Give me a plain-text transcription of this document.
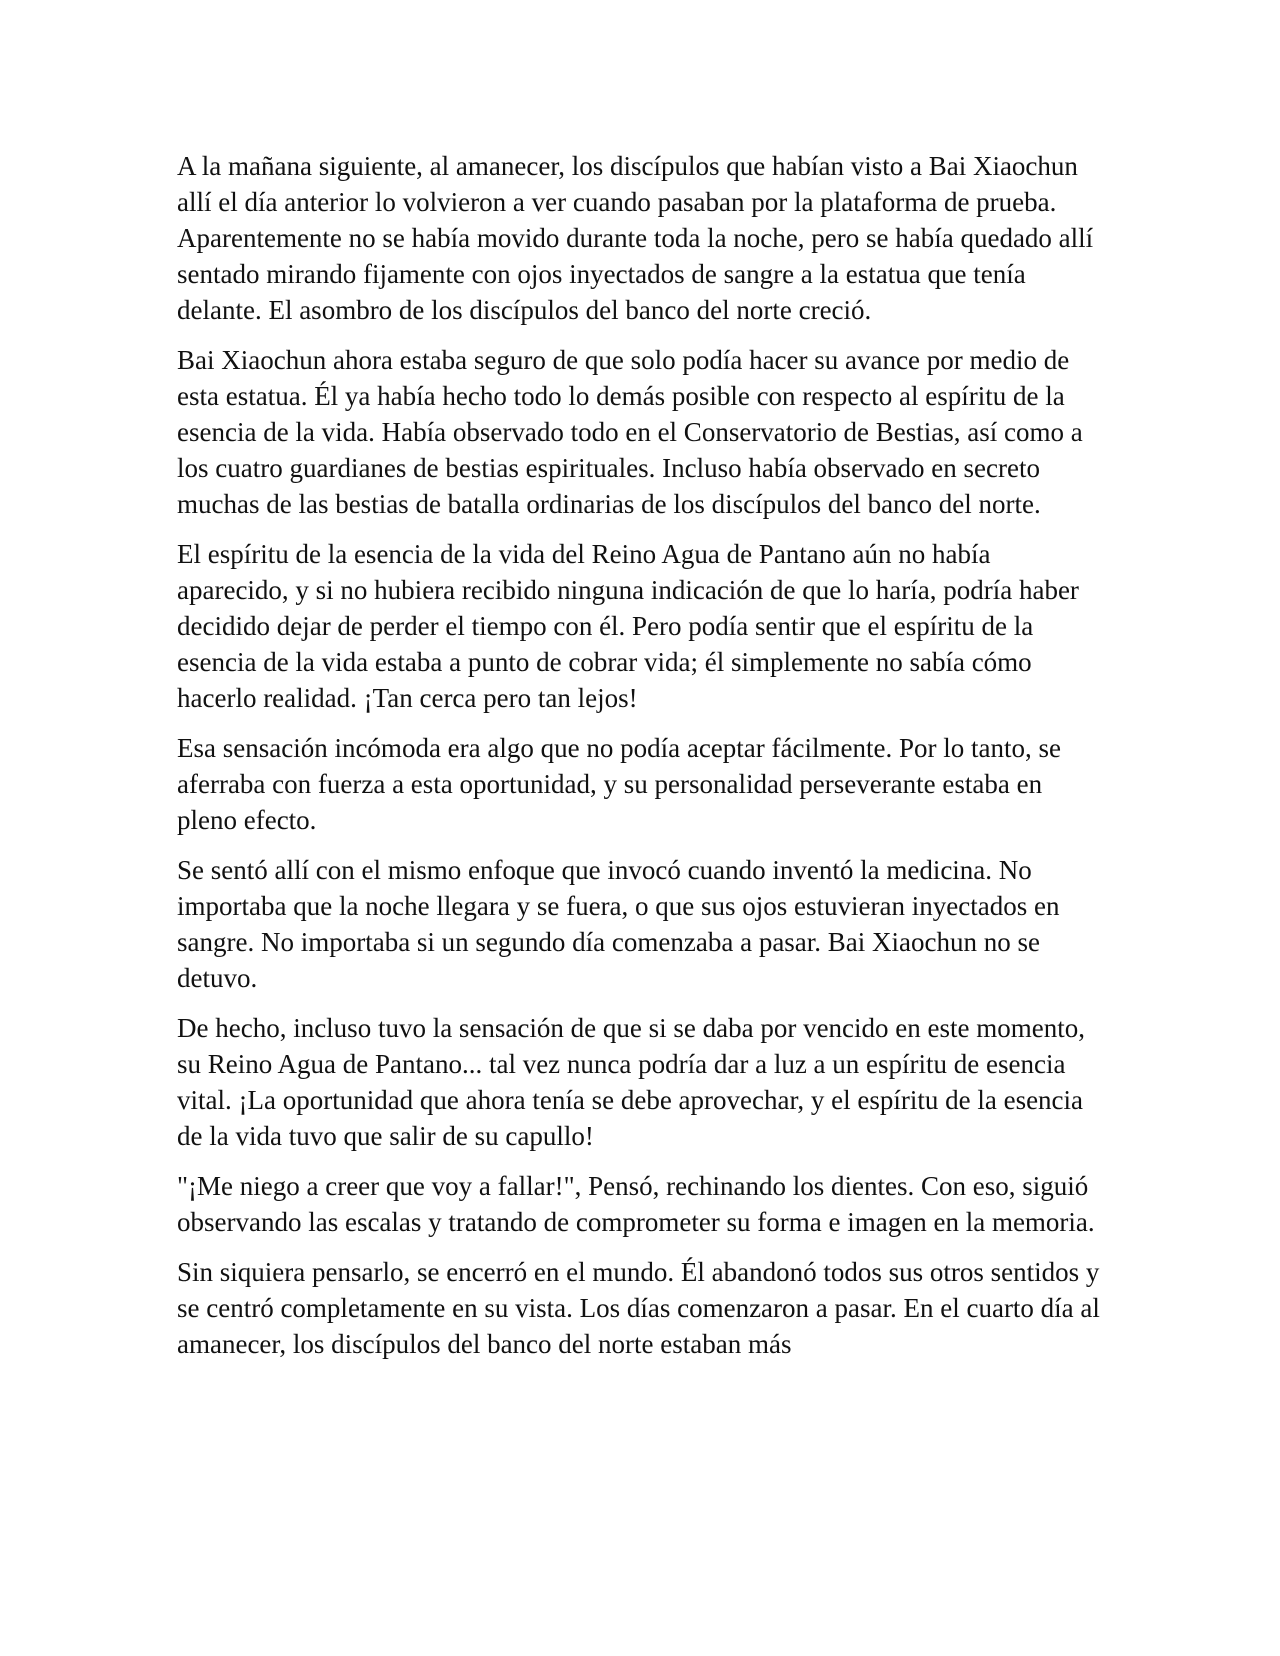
A la mañana siguiente, al amanecer, los discípulos que habían visto a Bai Xiaochun allí el día anterior lo volvieron a ver cuando pasaban por la plataforma de prueba. Aparentemente no se había movido durante toda la noche, pero se había quedado allí sentado mirando fijamente con ojos inyectados de sangre a la estatua que tenía delante. El asombro de los discípulos del banco del norte creció.

Bai Xiaochun ahora estaba seguro de que solo podía hacer su avance por medio de esta estatua. Él ya había hecho todo lo demás posible con respecto al espíritu de la esencia de la vida. Había observado todo en el Conservatorio de Bestias, así como a los cuatro guardianes de bestias espirituales. Incluso había observado en secreto muchas de las bestias de batalla ordinarias de los discípulos del banco del norte.

El espíritu de la esencia de la vida del Reino Agua de Pantano aún no había aparecido, y si no hubiera recibido ninguna indicación de que lo haría, podría haber decidido dejar de perder el tiempo con él. Pero podía sentir que el espíritu de la esencia de la vida estaba a punto de cobrar vida; él simplemente no sabía cómo hacerlo realidad. ¡Tan cerca pero tan lejos!

Esa sensación incómoda era algo que no podía aceptar fácilmente. Por lo tanto, se aferraba con fuerza a esta oportunidad, y su personalidad perseverante estaba en pleno efecto.

Se sentó allí con el mismo enfoque que invocó cuando inventó la medicina. No importaba que la noche llegara y se fuera, o que sus ojos estuvieran inyectados en sangre. No importaba si un segundo día comenzaba a pasar. Bai Xiaochun no se detuvo.

De hecho, incluso tuvo la sensación de que si se daba por vencido en este momento, su Reino Agua de Pantano... tal vez nunca podría dar a luz a un espíritu de esencia vital. ¡La oportunidad que ahora tenía se debe aprovechar, y el espíritu de la esencia de la vida tuvo que salir de su capullo!

"¡Me niego a creer que voy a fallar!", Pensó, rechinando los dientes. Con eso, siguió observando las escalas y tratando de comprometer su forma e imagen en la memoria.

Sin siquiera pensarlo, se encerró en el mundo. Él abandonó todos sus otros sentidos y se centró completamente en su vista. Los días comenzaron a pasar. En el cuarto día al amanecer, los discípulos del banco del norte estaban más
